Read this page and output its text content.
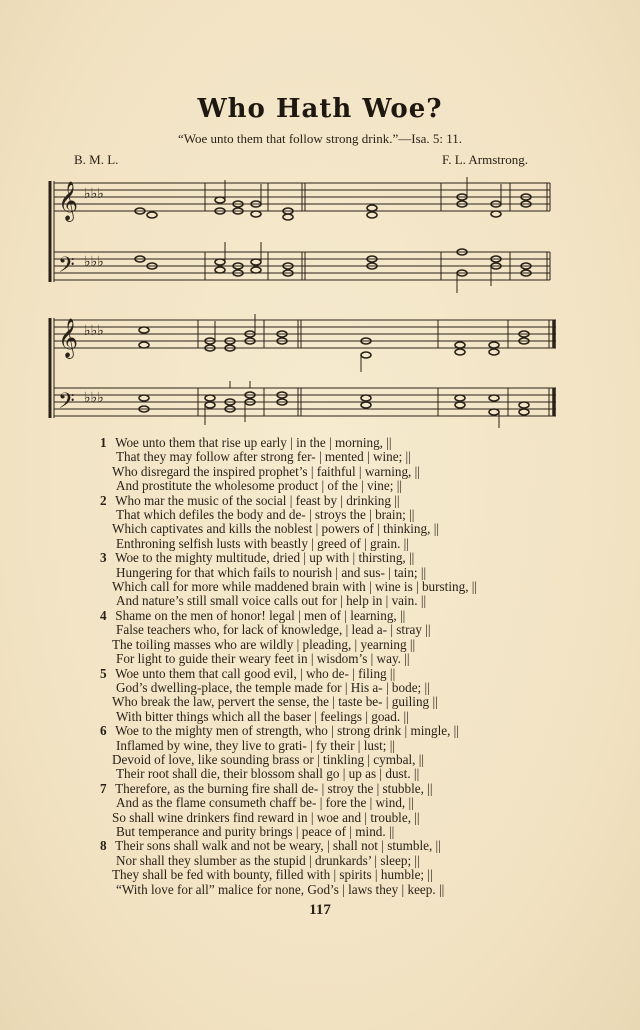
Who Hath Woe?
“Woe unto them that follow strong drink.”—Isa. 5: 11.
B. M. L.	F. L. Armstrong.
𝄞
𝄢
♭♭♭
♭♭♭
𝄞
𝄢
♭♭♭
♭♭♭
1 Woe unto them that rise up early | in the | morning, ||
That they may follow after strong fer- | mented | wine; ||
Who disregard the inspired prophet’s | faithful | warning, ||
And prostitute the wholesome product | of the | vine; ||
2 Who mar the music of the social | feast by | drinking ||
That which defiles the body and de- | stroys the | brain; ||
Which captivates and kills the noblest | powers of | thinking, ||
Enthroning selfish lusts with beastly | greed of | grain. ||
3 Woe to the mighty multitude, dried | up with | thirsting, ||
Hungering for that which fails to nourish | and sus- | tain; ||
Which call for more while maddened brain with | wine is | bursting, ||
And nature’s still small voice calls out for | help in | vain. ||
4 Shame on the men of honor! legal | men of | learning, ||
False teachers who, for lack of knowledge, | lead a- | stray ||
The toiling masses who are wildly | pleading, | yearning ||
For light to guide their weary feet in | wisdom’s | way. ||
5 Woe unto them that call good evil, | who de- | filing ||
God’s dwelling-place, the temple made for | His a- | bode; ||
Who break the law, pervert the sense, the | taste be- | guiling ||
With bitter things which all the baser | feelings | goad. ||
6 Woe to the mighty men of strength, who | strong drink | mingle, ||
Inflamed by wine, they live to grati- | fy their | lust; ||
Devoid of love, like sounding brass or | tinkling | cymbal, ||
Their root shall die, their blossom shall go | up as | dust. ||
7 Therefore, as the burning fire shall de- | stroy the | stubble, ||
And as the flame consumeth chaff be- | fore the | wind, ||
So shall wine drinkers find reward in | woe and | trouble, ||
But temperance and purity brings | peace of | mind. ||
8 Their sons shall walk and not be weary, | shall not | stumble, ||
Nor shall they slumber as the stupid | drunkards’ | sleep; ||
They shall be fed with bounty, filled with | spirits | humble; ||
“With love for all” malice for none, God’s | laws they | keep. ||
117
